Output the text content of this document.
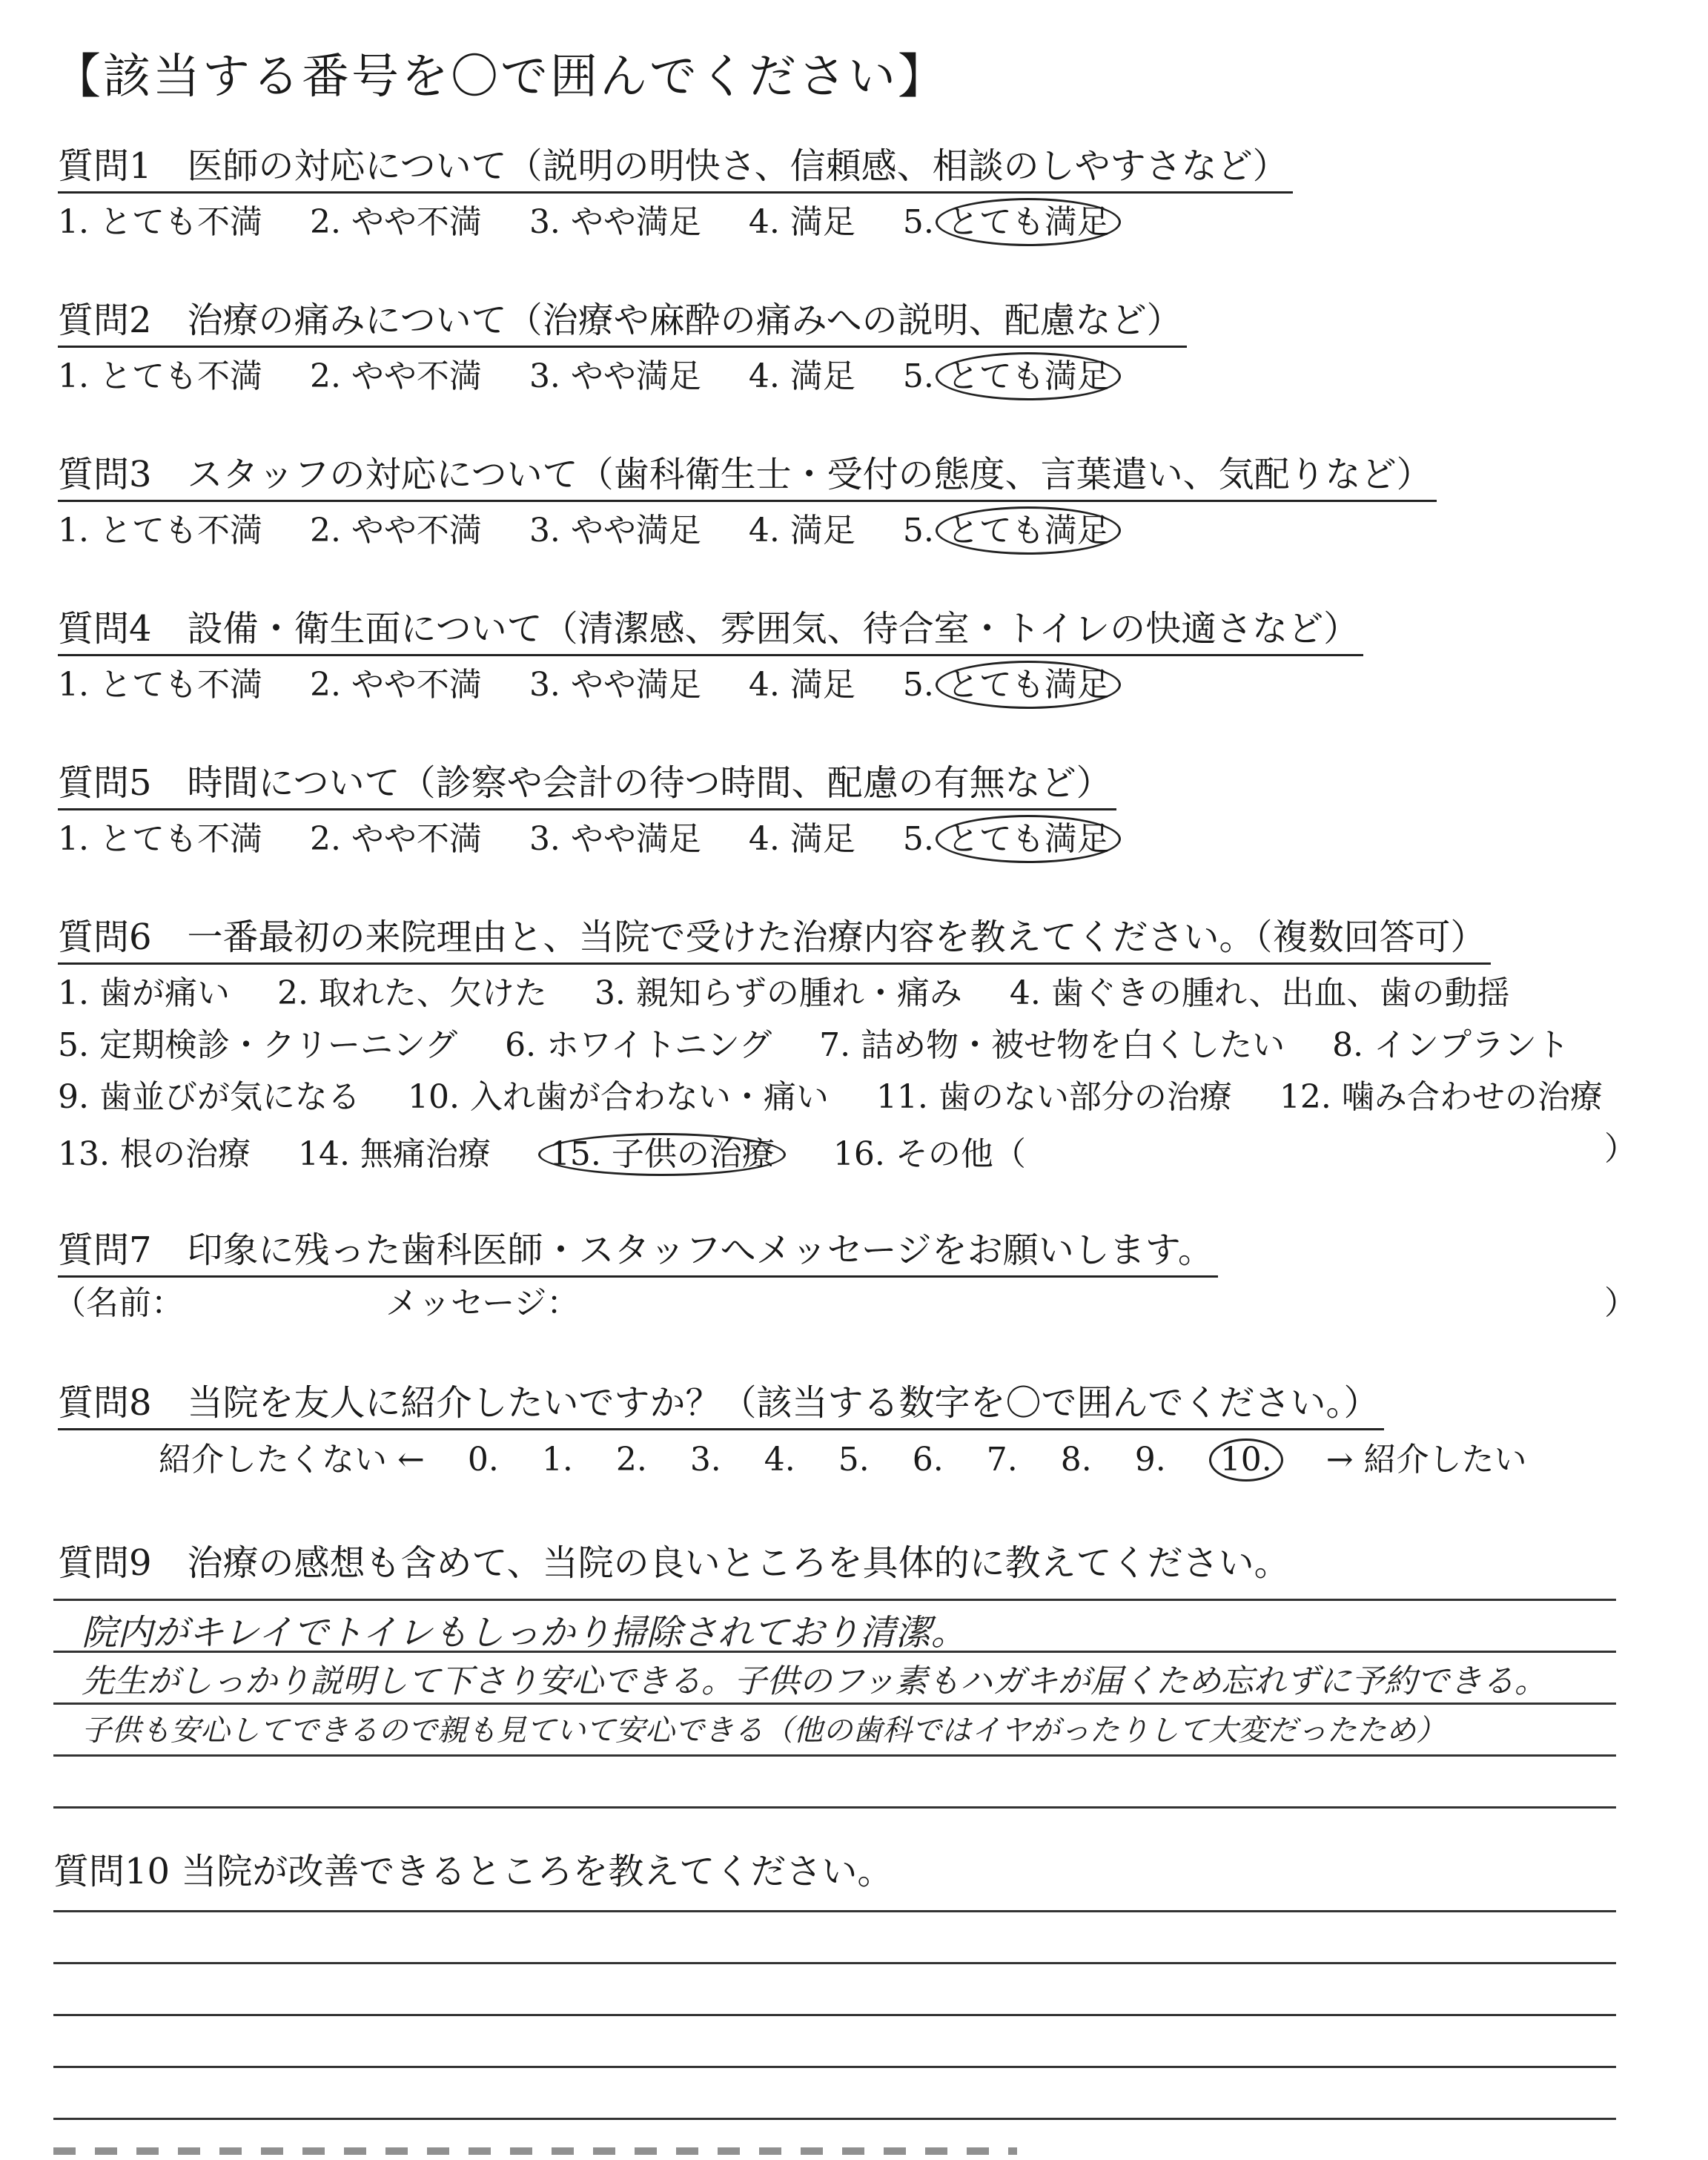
【該当する番号を〇で囲んでください】
質問1　医師の対応について（説明の明快さ、信頼感、相談のしやすさなど）
1. とても不満 2. やや不満 3. やや満足 4. 満足 5. とても満足
質問2　治療の痛みについて（治療や麻酔の痛みへの説明、配慮など）
1. とても不満 2. やや不満 3. やや満足 4. 満足 5. とても満足
質問3　スタッフの対応について（歯科衛生士・受付の態度、言葉遣い、気配りなど）
1. とても不満 2. やや不満 3. やや満足 4. 満足 5. とても満足
質問4　設備・衛生面について（清潔感、雰囲気、待合室・トイレの快適さなど）
1. とても不満 2. やや不満 3. やや満足 4. 満足 5. とても満足
質問5　時間について（診察や会計の待つ時間、配慮の有無など）
1. とても不満 2. やや不満 3. やや満足 4. 満足 5. とても満足
質問6　一番最初の来院理由と、当院で受けた治療内容を教えてください。（複数回答可）
1. 歯が痛い 2. 取れた、欠けた 3. 親知らずの腫れ・痛み 4. 歯ぐきの腫れ、出血、歯の動揺
5. 定期検診・クリーニング 6. ホワイトニング 7. 詰め物・被せ物を白くしたい 8. インプラント
9. 歯並びが気になる 10. 入れ歯が合わない・痛い 11. 歯のない部分の治療 12. 噛み合わせの治療
13. 根の治療 14. 無痛治療 15. 子供の治療 16. その他（	）
質問7　印象に残った歯科医師・スタッフへメッセージをお願いします。
（名前：	メッセージ：	）
質問8　当院を友人に紹介したいですか？（該当する数字を〇で囲んでください。）
紹介したくない ← 0. 1. 2. 3. 4. 5. 6. 7. 8. 9. 10. → 紹介したい
質問9　治療の感想も含めて、当院の良いところを具体的に教えてください。
院内がキレイでトイレもしっかり掃除されており清潔。
先生がしっかり説明して下さり安心できる。子供のフッ素もハガキが届くため忘れずに予約できる。
子供も安心してできるので親も見ていて安心できる（他の歯科ではイヤがったりして大変だったため）
質問10 当院が改善できるところを教えてください。
